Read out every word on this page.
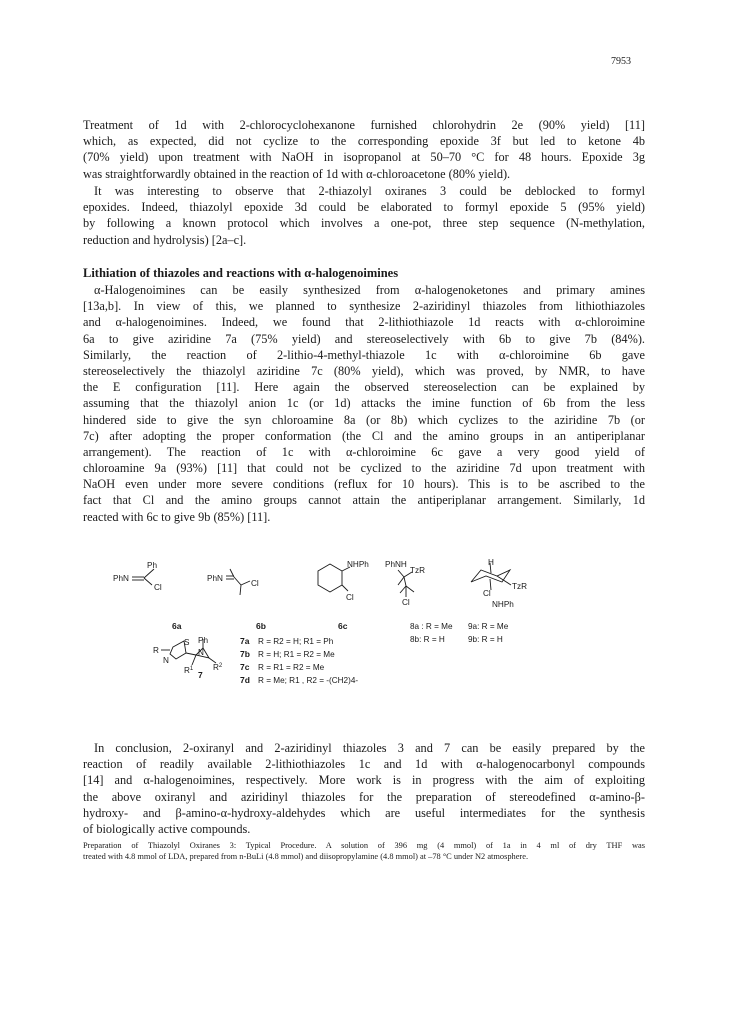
7953
Treatment of 1d with 2-chlorocyclohexanone furnished chlorohydrin 2e (90% yield) [11]
which, as expected, did not cyclize to the corresponding epoxide 3f but led to ketone 4b
(70% yield) upon treatment with NaOH in isopropanol at 50–70 °C for 48 hours. Epoxide 3g
was straightforwardly obtained in the reaction of 1d with α-chloroacetone (80% yield).
It was interesting to observe that 2-thiazolyl oxiranes 3 could be deblocked to formyl
epoxides. Indeed, thiazolyl epoxide 3d could be elaborated to formyl epoxide 5 (95% yield)
by following a known protocol which involves a one-pot, three step sequence (N-methylation,
reduction and hydrolysis) [2a–c].
Lithiation of thiazoles and reactions with α-halogenoimines
α-Halogenoimines can be easily synthesized from α-halogenoketones and primary amines
[13a,b]. In view of this, we planned to synthesize 2-aziridinyl thiazoles from lithiothiazoles
and α-halogenoimines. Indeed, we found that 2-lithiothiazole 1d reacts with α-chloroimine
6a to give aziridine 7a (75% yield) and stereoselectively with 6b to give 7b (84%).
Similarly, the reaction of 2-lithio-4-methyl-thiazole 1c with α-chloroimine 6b gave
stereoselectively the thiazolyl aziridine 7c (80% yield), which was proved, by NMR, to have
the E configuration [11]. Here again the observed stereoselection can be explained by
assuming that the thiazolyl anion 1c (or 1d) attacks the imine function of 6b from the less
hindered side to give the syn chloroamine 8a (or 8b) which cyclizes to the aziridine 7b (or
7c) after adopting the proper conformation (the Cl and the amino groups in an antiperiplanar
arrangement). The reaction of 1c with α-chloroimine 6c gave a very good yield of
chloroamine 9a (93%) [11] that could not be cyclized to the aziridine 7d upon treatment with
NaOH even under more severe conditions (reflux for 10 hours). This is to be ascribed to the
fact that Cl and the amino groups cannot attain the antiperiplanar arrangement. Similarly, 1d
reacted with 6c to give 9b (85%) [11].
Ph
PhN
Cl
PhN
Cl
NHPh
Cl
PhNH
TzR
Cl
H
TzR
Cl
NHPh
6a	6b	6c	8a : R = Me
8b: R = H
9a: R = Me
9b: R = H
R
S Ph
N
N
$R^1$ $R^2$
7
7a R = R2 = H; R1 = Ph
7b R = H; R1 = R2 = Me
7c R = R1 = R2 = Me
7d R = Me; R1 , R2 = -(CH2)4-
In conclusion, 2-oxiranyl and 2-aziridinyl thiazoles 3 and 7 can be easily prepared by the
reaction of readily available 2-lithiothiazoles 1c and 1d with α-halogenocarbonyl compounds
[14] and α-halogenoimines, respectively. More work is in progress with the aim of exploiting
the above oxiranyl and aziridinyl thiazoles for the preparation of stereodefined α-amino-β-
hydroxy- and β-amino-α-hydroxy-aldehydes which are useful intermediates for the synthesis
of biologically active compounds.
Preparation of Thiazolyl Oxiranes 3: Typical Procedure. A solution of 396 mg (4 mmol) of 1a in 4 ml of dry THF was
treated with 4.8 mmol of LDA, prepared from n-BuLi (4.8 mmol) and diisopropylamine (4.8 mmol) at –78 °C under N2 atmosphere.
